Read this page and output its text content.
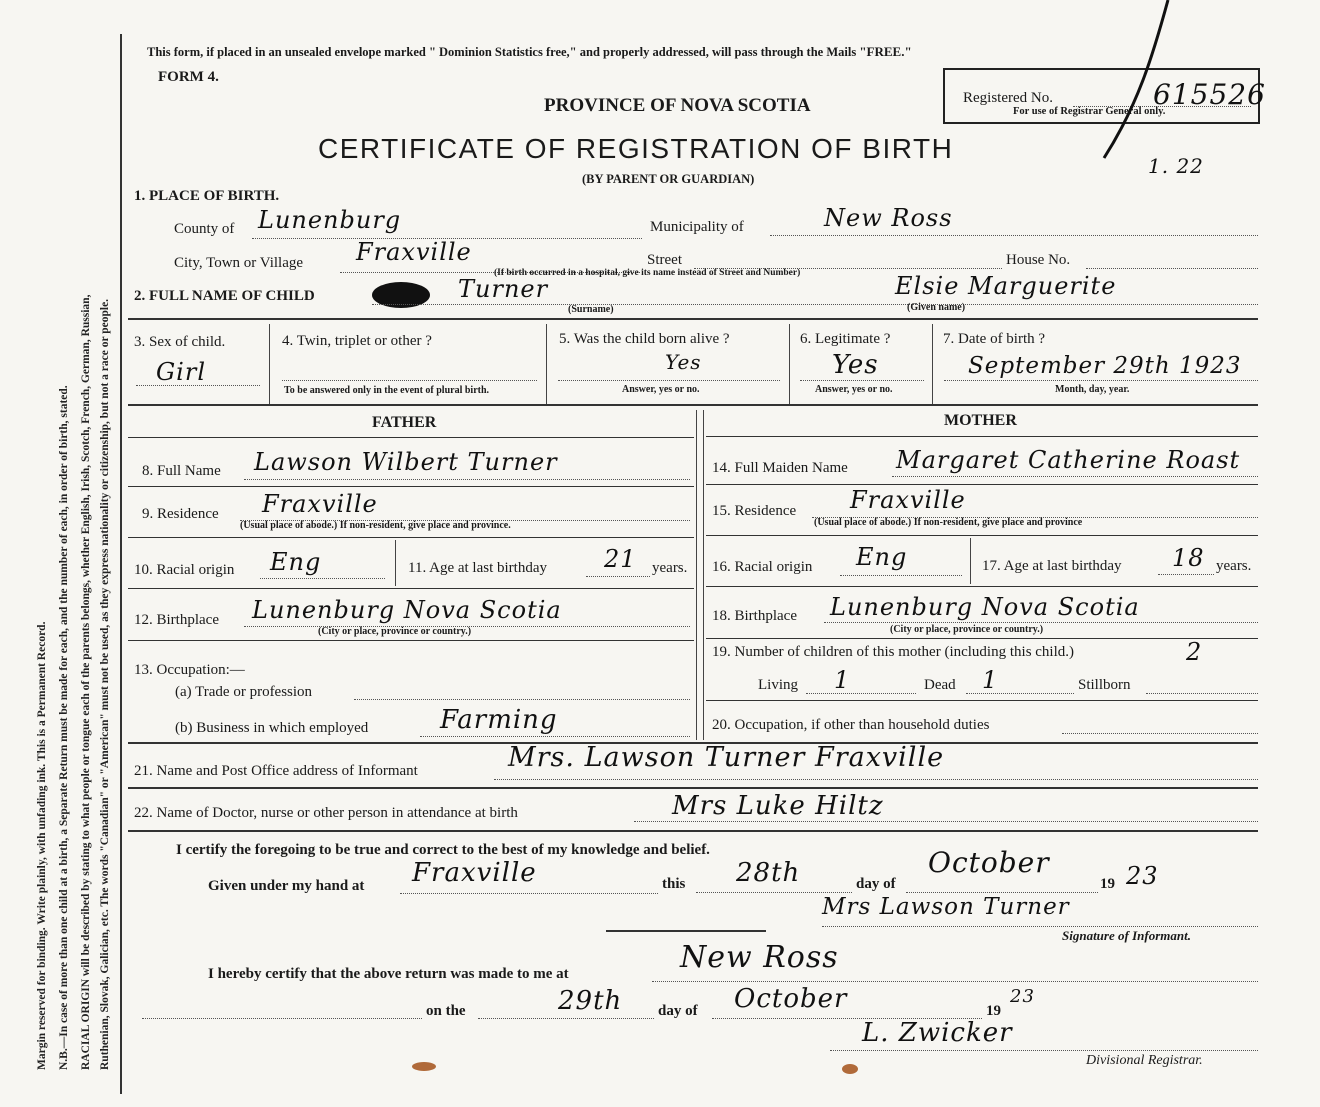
Margin reserved for binding. Write plainly, with unfading ink. This is a Permanent Record. N.B.—In case of more than one child at a birth, a Separate Return must be made for each, and the number of each, in order of birth, stated. RACIAL ORIGIN will be described by stating to what people or tongue each of the parents belongs, whether English, Irish, Scotch, French, German, Russian, Ruthenian, Slovak, Galician, etc. The words "Canadian" or "American" must not be used, as they express nationality or citizenship, but not a race or people.
This form, if placed in an unsealed envelope marked " Dominion Statistics free," and properly addressed, will pass through the Mails "FREE."
FORM 4.
PROVINCE OF NOVA SCOTIA
CERTIFICATE OF REGISTRATION OF BIRTH
(BY PARENT OR GUARDIAN)
Registered No.	615526
For use of Registrar General only.
1. 22
1. PLACE OF BIRTH.
County of Lunenburg	Municipality of	New Ross
City, Town or Village Fraxville	Street	House No.
(If birth occurred in a hospital, give its name instead of Street and Number)
2. FULL NAME OF CHILD	Turner
(Surname)
Elsie Marguerite
(Given name)
3. Sex of child.
Girl
4. Twin, triplet or other ?
To be answered only in the event of plural birth.
5. Was the child born alive ?
Yes
Answer, yes or no.
6. Legitimate ?
Yes
Answer, yes or no.
7. Date of birth ?
September 29th 1923
Month, day, year.
FATHER	MOTHER
8. Full Name Lawson Wilbert Turner
9. Residence Fraxville
(Usual place of abode.) If non-resident, give place and province.
10. Racial origin Eng	11. Age at last birthday 21 years.
12. Birthplace Lunenburg Nova Scotia
(City or place, province or country.)
13. Occupation:—
(a) Trade or profession
(b) Business in which employed	Farming
14. Full Maiden Name Margaret Catherine Roast
15. Residence Fraxville
(Usual place of abode.) If non-resident, give place and province
16. Racial origin Eng	17. Age at last birthday 18 years.
18. Birthplace Lunenburg Nova Scotia
(City or place, province or country.)
19. Number of children of this mother (including this child.)	2
Living 1	Dead 1	Stillborn
20. Occupation, if other than household duties
21. Name and Post Office address of Informant	Mrs. Lawson Turner Fraxville
22. Name of Doctor, nurse or other person in attendance at birth	Mrs Luke Hiltz
I certify the foregoing to be true and correct to the best of my knowledge and belief.
Given under my hand at Fraxville	this 28th	day of
October
19 23
Mrs Lawson Turner
Signature of Informant.
I hereby certify that the above return was made to me at	New Ross
on the	29th day of October	19
23
L. Zwicker
Divisional Registrar.
